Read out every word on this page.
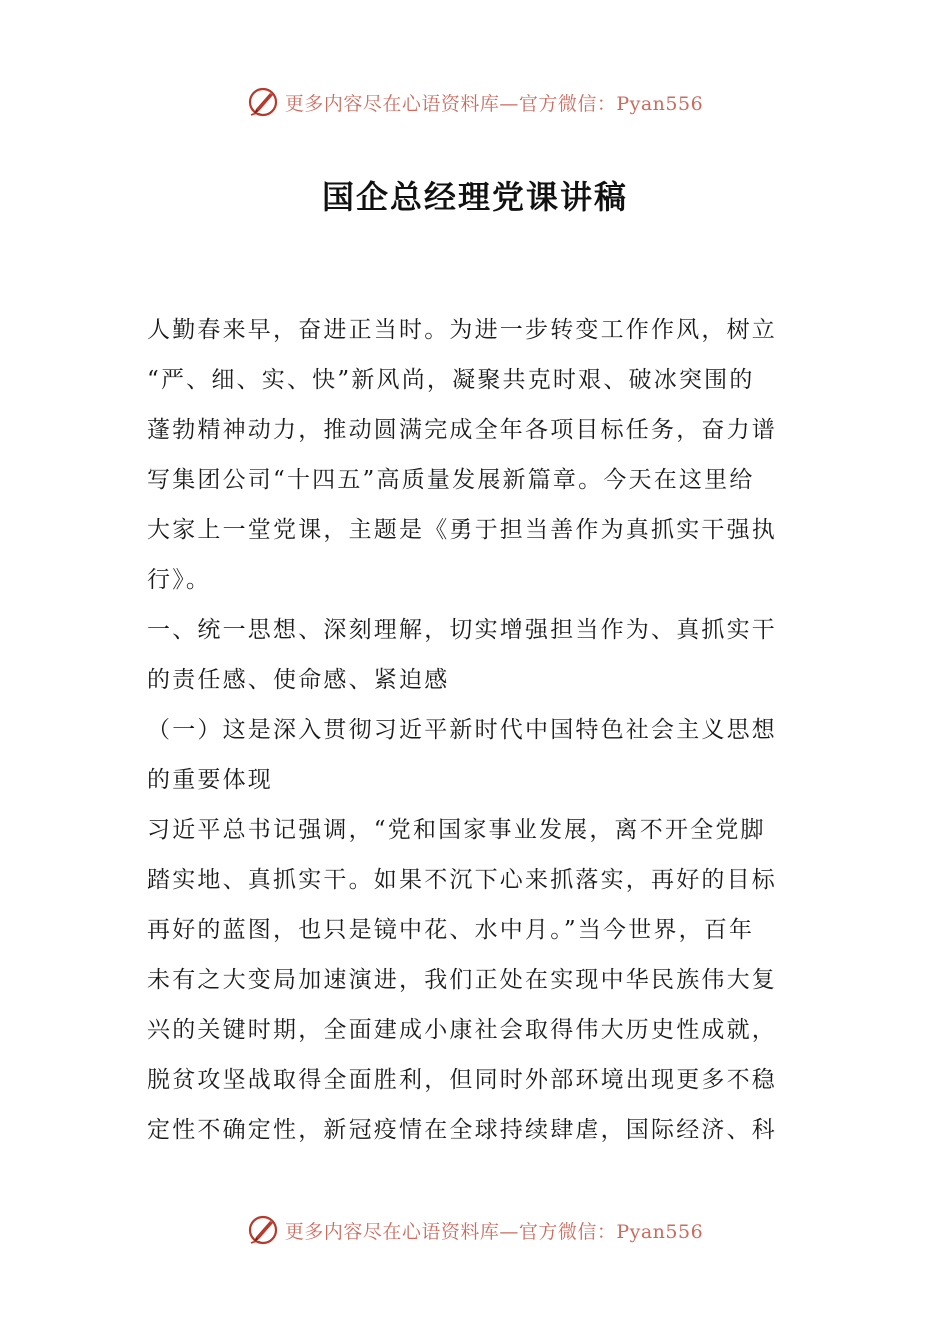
更多内容尽在心语资料库—官方微信：Pyan556
国企总经理党课讲稿
人勤春来早，奋进正当时。为进一步转变工作作风，树立
“严、细、实、快”新风尚，凝聚共克时艰、破冰突围的
蓬勃精神动力，推动圆满完成全年各项目标任务，奋力谱
写集团公司“十四五”高质量发展新篇章。今天在这里给
大家上一堂党课，主题是《勇于担当善作为真抓实干强执
行》。
一、统一思想、深刻理解，切实增强担当作为、真抓实干
的责任感、使命感、紧迫感
（一）这是深入贯彻习近平新时代中国特色社会主义思想
的重要体现
习近平总书记强调，“党和国家事业发展，离不开全党脚
踏实地、真抓实干。如果不沉下心来抓落实，再好的目标
再好的蓝图，也只是镜中花、水中月。”当今世界，百年
未有之大变局加速演进，我们正处在实现中华民族伟大复
兴的关键时期，全面建成小康社会取得伟大历史性成就，
脱贫攻坚战取得全面胜利，但同时外部环境出现更多不稳
定性不确定性，新冠疫情在全球持续肆虐，国际经济、科
更多内容尽在心语资料库—官方微信：Pyan556
